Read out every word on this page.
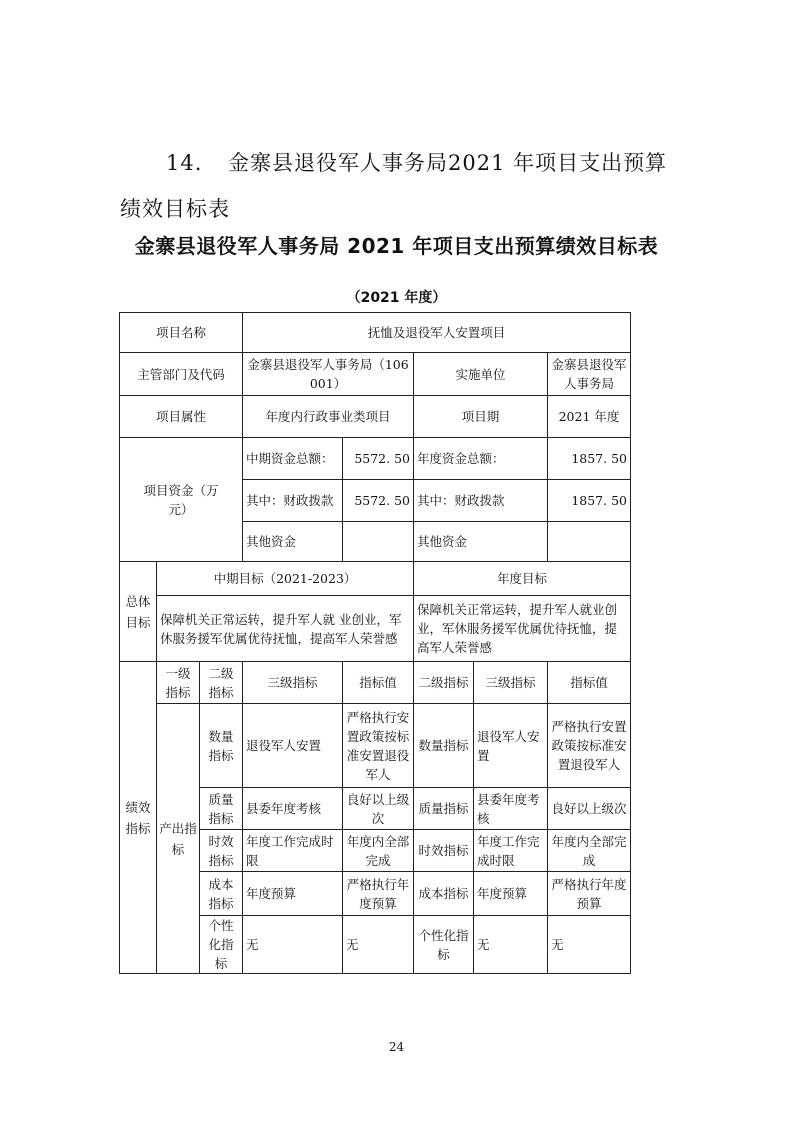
14. 金寨县退役军人事务局2021 年项目支出预算绩效目标表
金寨县退役军人事务局 2021 年项目支出预算绩效目标表
（2021 年度）
项目名称			抚恤及退役军人安置项目				
主管部门及代码			金寨县退役军人事务局（106001）		实施单位		金寨县退役军人事务局
项目属性			年度内行政事业类项目		项目期		2021 年度
项目资金（万元）			中期资金总额：	5572. 50	年度资金总额：		1857. 50
			其中：财政拨款	5572. 50	其中：财政拨款		1857. 50
			其他资金		其他资金		
总体目标	中期目标（2021-2023）				年度目标		
	保障机关正常运转，提升军人就 业创业，军休服务援军优属优待抚恤，提高军人荣誉感				保障机关正常运转，提升军人就业创业，军休服务援军优属优待抚恤，提高军人荣誉感		
绩效指标	一级指标	二级指标	三级指标	指标值	二级指标	三级指标	指标值
	产出指标	数量指标	退役军人安置	严格执行安置政策按标准安置退役军人	数量指标	退役军人安置	严格执行安置政策按标准安置退役军人
		质量指标	县委年度考核	良好以上级次	质量指标	县委年度考核	良好以上级次
		时效指标	年度工作完成时限	年度内全部完成	时效指标	年度工作完成时限	年度内全部完成
		成本指标	年度预算	严格执行年度预算	成本指标	年度预算	严格执行年度预算
		个性化指标	无	无	个性化指标	无	无
24
